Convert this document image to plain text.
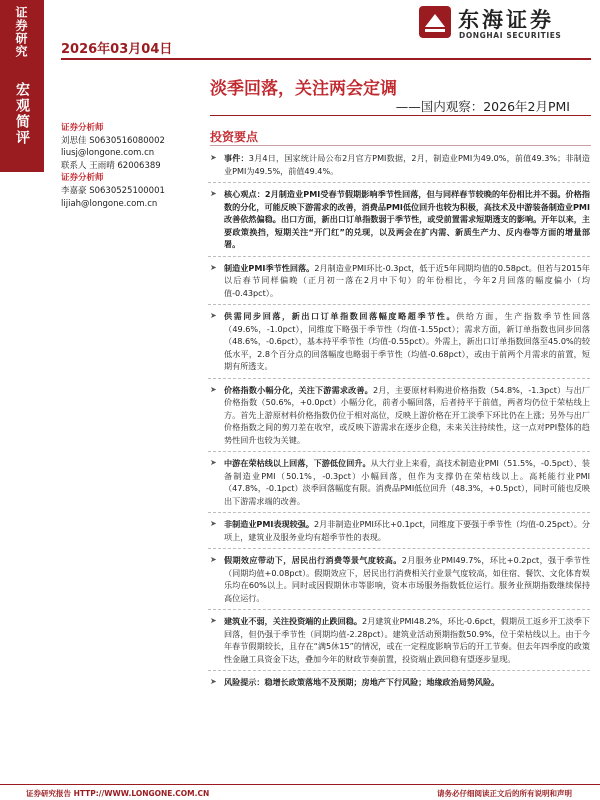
证券研究	2026年03月04日
东海证券
DONGHAI SECURITIES
宏观简评	淡季回落，关注两会定调
——国内观察：2026年2月PMI
证券分析师
刘思佳 S0630516080002
liusj@longone.com.cn
联系人 王雨晴 62006389
证券分析师
李嘉豪 S0630525100001
lijiah@longone.com.cn
投资要点
➤ 事件：3月4日，国家统计局公布2月官方PMI数据，2月，制造业PMI为49.0%，前值49.3%；非制造业PMI为49.5%，前值49.4%。
➤ 核心观点：2月制造业PMI受春节假期影响季节性回落，但与同样春节较晚的年份相比并不弱。价格指数的分化，可能反映下游需求的改善，消费品PMI低位回升也较为积极，高技术及中游装备制造业PMI改善依然偏稳。出口方面，新出口订单指数弱于季节性，或受前置需求短期透支的影响。开年以来，主要政策换挡，短期关注“开门红”的兑现，以及两会在扩内需、新质生产力、反内卷等方面的增量部署。
➤ 制造业PMI季节性回落。2月制造业PMI环比-0.3pct，低于近5年同期均值的0.58pct。但若与2015年以后春节同样偏晚（正月初一落在2月中下旬）的年份相比，今年2月回落的幅度偏小（均值-0.43pct）。
➤ 供需同步回落，新出口订单指数回落幅度略超季节性。供给方面，生产指数季节性回落（49.6%，-1.0pct），同维度下略强于季节性（均值-1.55pct）；需求方面，新订单指数也同步回落（48.6%，-0.6pct），基本持平季节性（均值-0.55pct）。外需上，新出口订单指数回落至45.0%的较低水平，2.8个百分点的回落幅度也略弱于季节性（均值-0.68pct），或由于前两个月需求的前置，短期有所透支。
➤ 价格指数小幅分化，关注下游需求改善。2月，主要原材料购进价格指数（54.8%，-1.3pct）与出厂价格指数（50.6%，+0.0pct）小幅分化，前者小幅回落，后者持平于前值，两者均仍位于荣枯线上方。首先上游原材料价格指数仍位于相对高位，反映上游价格在开工淡季下环比仍在上涨；另外与出厂价格指数之间的剪刀差在收窄，或反映下游需求在逐步企稳，未来关注持续性，这一点对PPI整体的趋势性回升也较为关键。
➤ 中游在荣枯线以上回落，下游低位回升。从大行业上来看，高技术制造业PMI（51.5%，-0.5pct）、装备制造业PMI（50.1%，-0.3pct）小幅回落，但作为支撑仍在荣枯线以上。高耗能行业PMI（47.8%，-0.1pct）淡季回落幅度有限。消费品PMI低位回升（48.3%，+0.5pct），同时可能也反映出下游需求端的改善。
➤ 非制造业PMI表现较强。2月非制造业PMI环比+0.1pct，同维度下要强于季节性（均值-0.25pct）。分项上，建筑业及服务业均有超季节性的表现。
➤ 假期效应带动下，居民出行消费等景气度较高。2月服务业PMI49.7%，环比+0.2pct，强于季节性（同期均值+0.08pct）。假期效应下，居民出行消费相关行业景气度较高，如住宿、餐饮、文化体育娱乐均在60%以上。同时或因假期休市等影响，资本市场服务指数低位运行。服务业预期指数继续保持高位运行。
➤ 建筑业不弱，关注投资端的止跌回稳。2月建筑业PMI48.2%，环比-0.6pct，假期员工返乡开工淡季下回落，但仍强于季节性（同期均值-2.28pct）。建筑业活动预期指数50.9%，位于荣枯线以上。由于今年春节假期较长，且存在“满5休15”的情况，或在一定程度影响节后的开工节奏。但去年四季度的政策性金融工具资金下达，叠加今年的财政节奏前置，投资端止跌回稳有望逐步显现。
➤ 风险提示：稳增长政策落地不及预期；房地产下行风险；地缘政治局势风险。
证券研究报告 HTTP://WWW.LONGONE.COM.CN	请务必仔细阅读正文后的所有说明和声明
